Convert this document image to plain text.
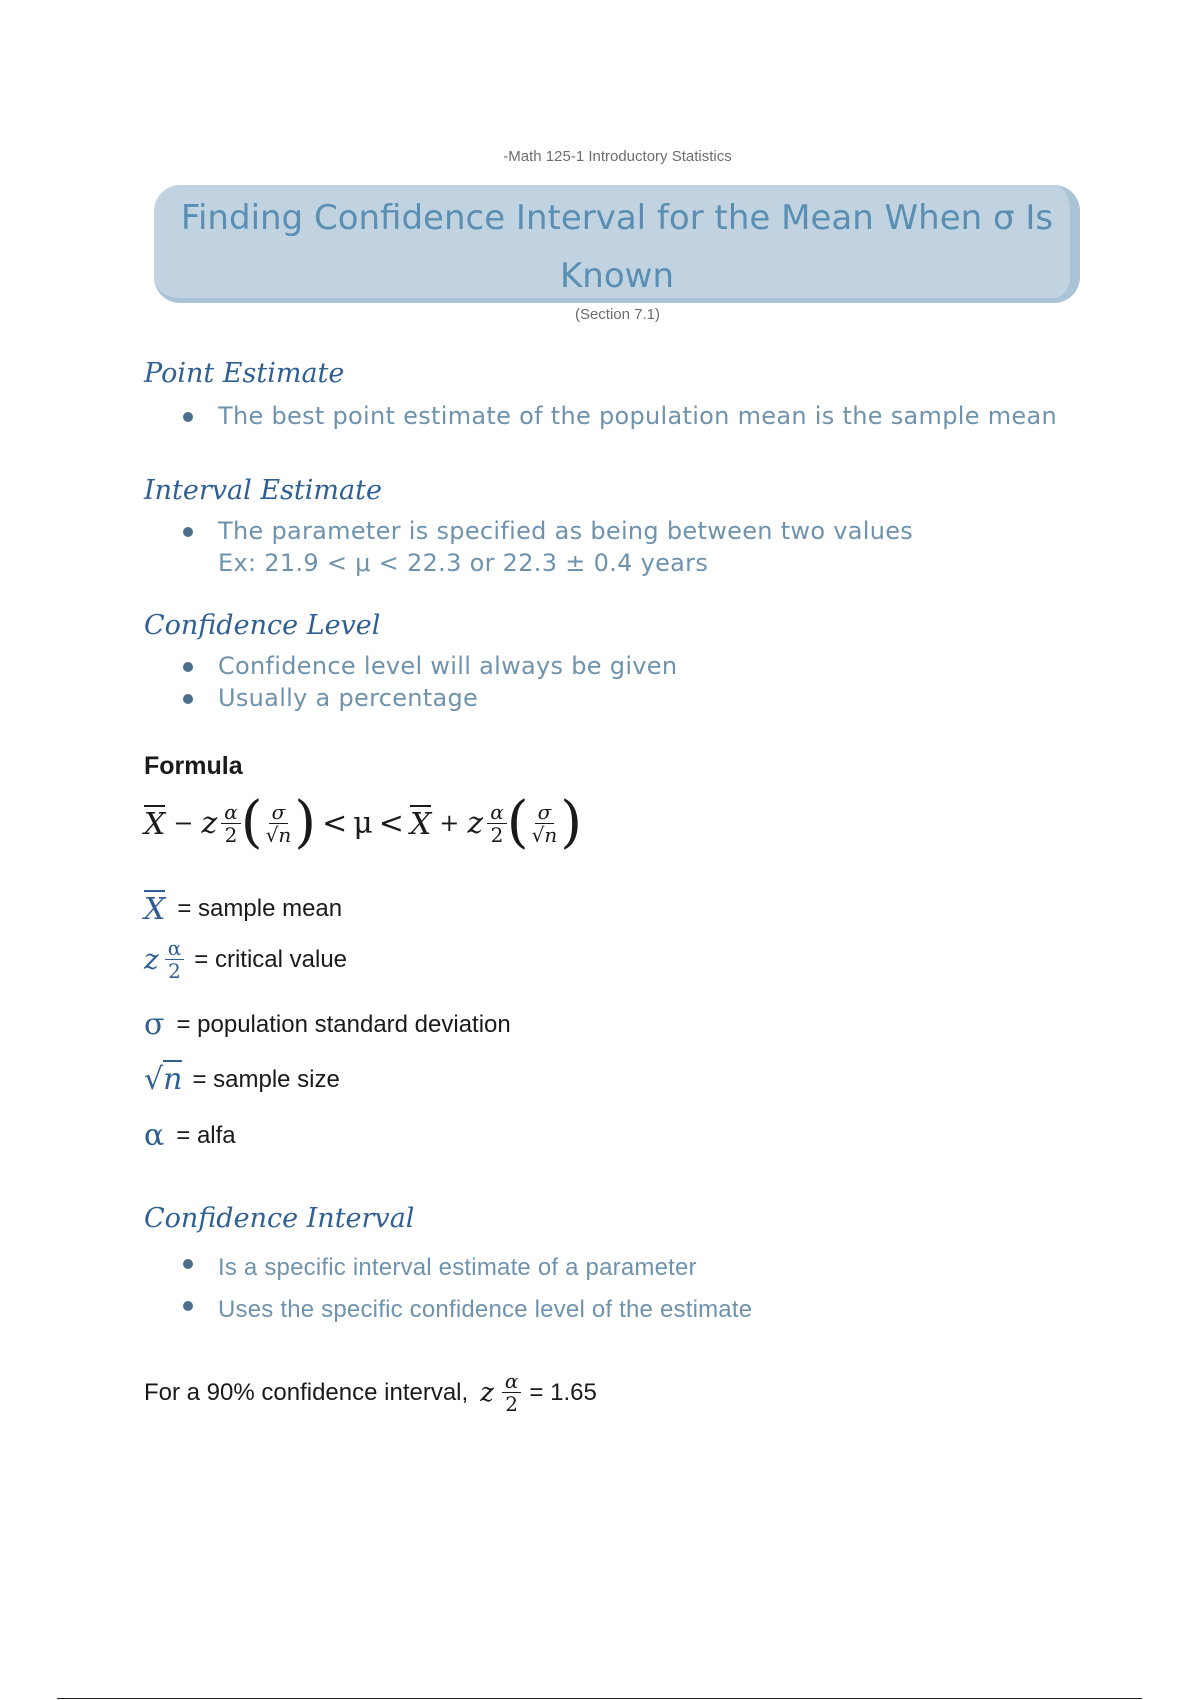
-Math 125-1 Introductory Statistics
Finding Confidence Interval for the Mean When σ Is Known
(Section 7.1)
Point Estimate
The best point estimate of the population mean is the sample mean
Interval Estimate
The parameter is specified as being between two values
Ex: 21.9 < μ < 22.3 or 22.3 ± 0.4 years
Confidence Level
Confidence level will always be given
Usually a percentage
Formula
X − z $\frac{\alpha}{2}$ ( $\frac{\sigma}{√n}$ ) < μ < X + z $\frac{\alpha}{2}$ ( $\frac{\sigma}{√n}$ )
X = sample mean
z $\frac{\alpha}{2}$ = critical value
σ = population standard deviation
√n = sample size
α = alfa
Confidence Interval
Is a specific interval estimate of a parameter
Uses the specific confidence level of the estimate
For a 90% confidence interval, z $\frac{\alpha}{2} = 1.65$
